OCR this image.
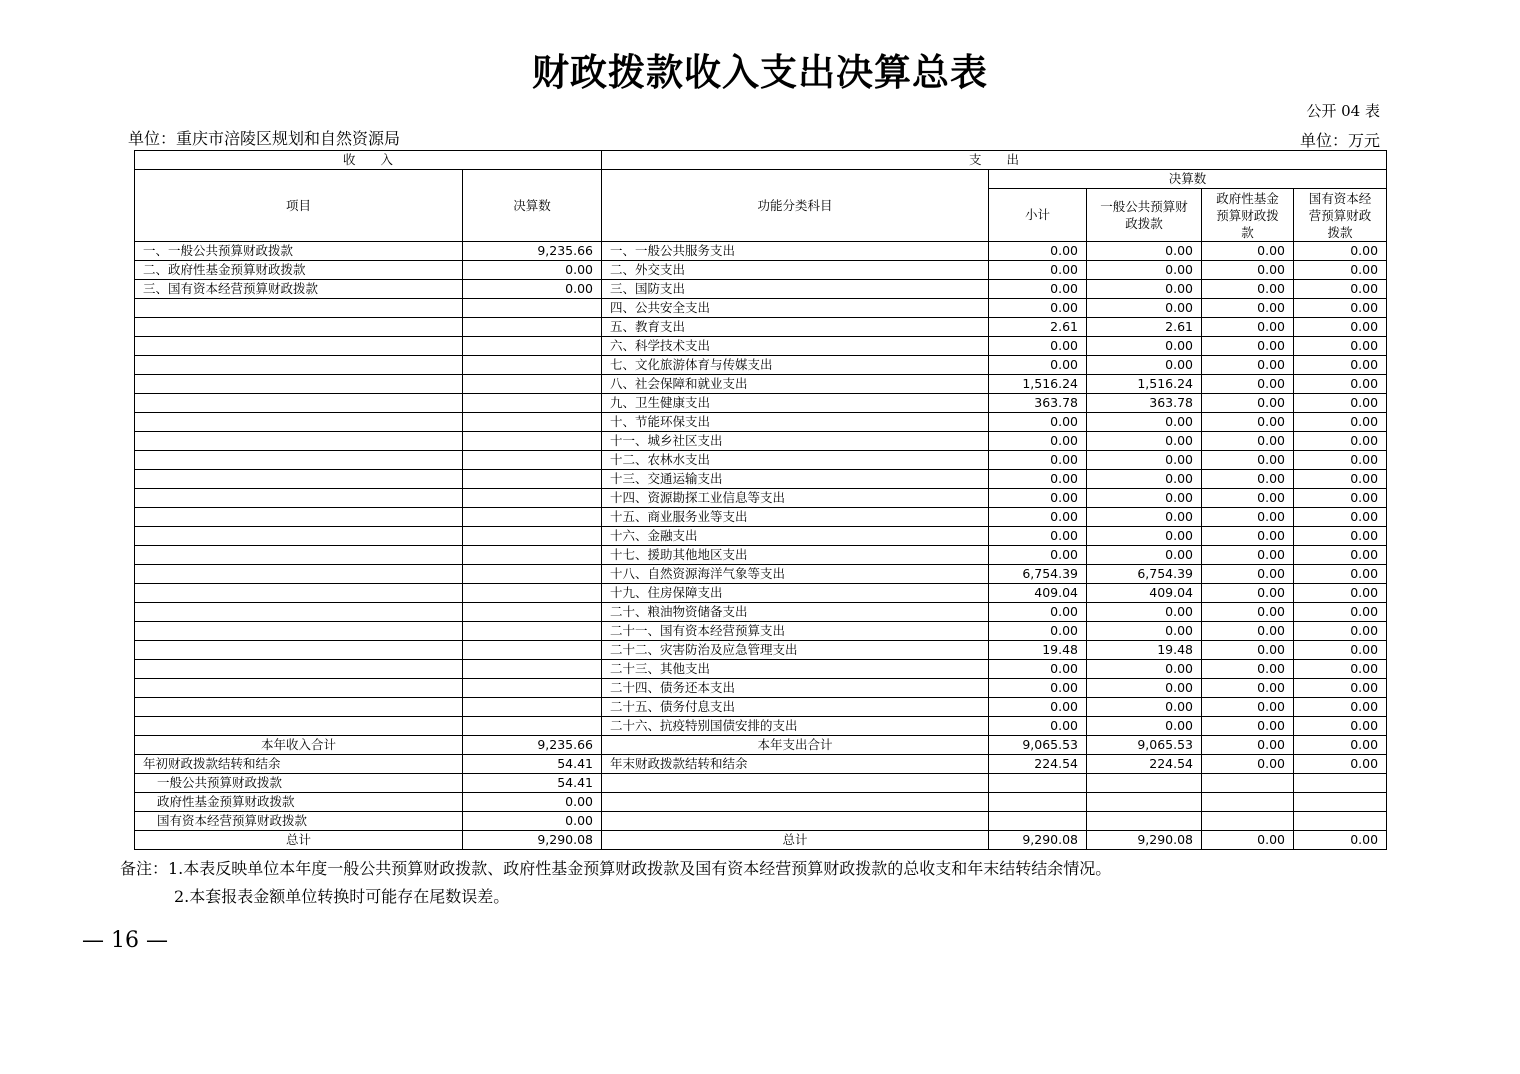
财政拨款收入支出决算总表
公开 04 表
单位：重庆市涪陵区规划和自然资源局	单位：万元
收　　入		支　　出				
项目	决算数	功能分类科目	决算数			
			小计	一般公共预算财政拨款	政府性基金预算财政拨款	国有资本经营预算财政拨款
一、一般公共预算财政拨款	9,235.66	一、一般公共服务支出	0.00	0.00	0.00	0.00
二、政府性基金预算财政拨款	0.00	二、外交支出	0.00	0.00	0.00	0.00
三、国有资本经营预算财政拨款	0.00	三、国防支出	0.00	0.00	0.00	0.00
		四、公共安全支出	0.00	0.00	0.00	0.00
		五、教育支出	2.61	2.61	0.00	0.00
		六、科学技术支出	0.00	0.00	0.00	0.00
		七、文化旅游体育与传媒支出	0.00	0.00	0.00	0.00
		八、社会保障和就业支出	1,516.24	1,516.24	0.00	0.00
		九、卫生健康支出	363.78	363.78	0.00	0.00
		十、节能环保支出	0.00	0.00	0.00	0.00
		十一、城乡社区支出	0.00	0.00	0.00	0.00
		十二、农林水支出	0.00	0.00	0.00	0.00
		十三、交通运输支出	0.00	0.00	0.00	0.00
		十四、资源勘探工业信息等支出	0.00	0.00	0.00	0.00
		十五、商业服务业等支出	0.00	0.00	0.00	0.00
		十六、金融支出	0.00	0.00	0.00	0.00
		十七、援助其他地区支出	0.00	0.00	0.00	0.00
		十八、自然资源海洋气象等支出	6,754.39	6,754.39	0.00	0.00
		十九、住房保障支出	409.04	409.04	0.00	0.00
		二十、粮油物资储备支出	0.00	0.00	0.00	0.00
		二十一、国有资本经营预算支出	0.00	0.00	0.00	0.00
		二十二、灾害防治及应急管理支出	19.48	19.48	0.00	0.00
		二十三、其他支出	0.00	0.00	0.00	0.00
		二十四、债务还本支出	0.00	0.00	0.00	0.00
		二十五、债务付息支出	0.00	0.00	0.00	0.00
		二十六、抗疫特别国债安排的支出	0.00	0.00	0.00	0.00
本年收入合计	9,235.66	本年支出合计	9,065.53	9,065.53	0.00	0.00
年初财政拨款结转和结余	54.41	年末财政拨款结转和结余	224.54	224.54	0.00	0.00
一般公共预算财政拨款	54.41					
政府性基金预算财政拨款	0.00					
国有资本经营预算财政拨款	0.00					
总计	9,290.08	总计	9,290.08	9,290.08	0.00	0.00
备注：1.本表反映单位本年度一般公共预算财政拨款、政府性基金预算财政拨款及国有资本经营预算财政拨款的总收支和年末结转结余情况。
2.本套报表金额单位转换时可能存在尾数误差。
— 16 —
